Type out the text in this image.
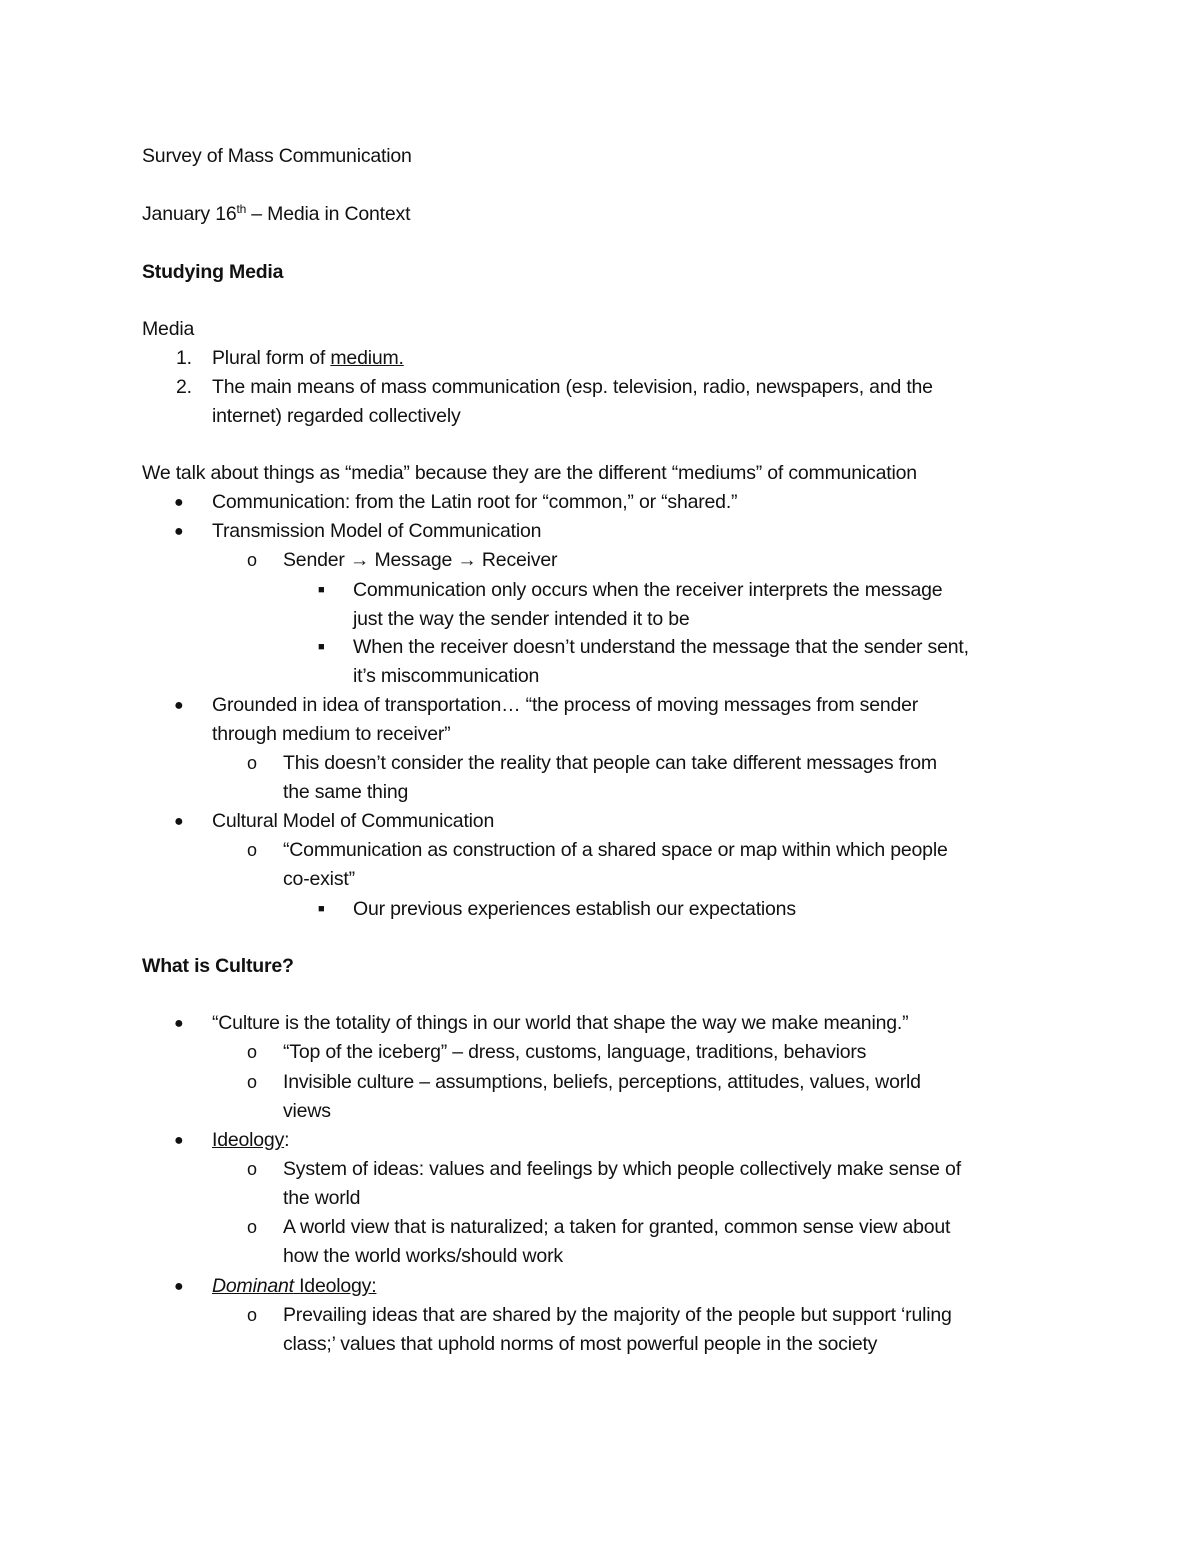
Survey of Mass Communication
January 16th – Media in Context
Studying Media
Media
1. Plural form of medium.
2. The main means of mass communication (esp. television, radio, newspapers, and the
internet) regarded collectively
We talk about things as “media” because they are the different “mediums” of communication
● Communication: from the Latin root for “common,” or “shared.”
● Transmission Model of Communication
o Sender → Message → Receiver
■ Communication only occurs when the receiver interprets the message
just the way the sender intended it to be
■ When the receiver doesn’t understand the message that the sender sent,
it’s miscommunication
● Grounded in idea of transportation… “the process of moving messages from sender
through medium to receiver”
o This doesn’t consider the reality that people can take different messages from
the same thing
● Cultural Model of Communication
o “Communication as construction of a shared space or map within which people
co-exist”
■ Our previous experiences establish our expectations
What is Culture?
● “Culture is the totality of things in our world that shape the way we make meaning.”
o “Top of the iceberg” – dress, customs, language, traditions, behaviors
o Invisible culture – assumptions, beliefs, perceptions, attitudes, values, world
views
● Ideology:
o System of ideas: values and feelings by which people collectively make sense of
the world
o A world view that is naturalized; a taken for granted, common sense view about
how the world works/should work
● Dominant Ideology:
o Prevailing ideas that are shared by the majority of the people but support ‘ruling
class;’ values that uphold norms of most powerful people in the society
